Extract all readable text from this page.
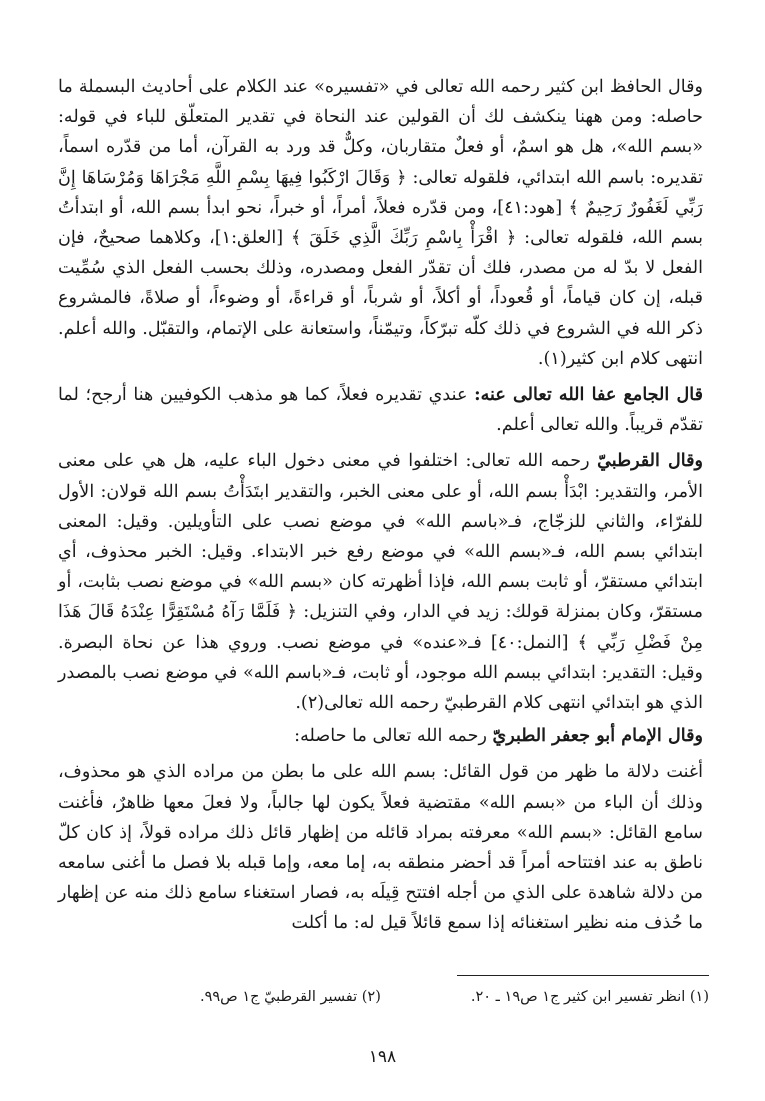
وقال الحافظ ابن كثير رحمه الله تعالى في «تفسيره» عند الكلام على أحاديث البسملة ما حاصله: ومن ههنا ينكشف لك أن القولين عند النحاة في تقدير المتعلّق للباء في قوله: «بسم الله»، هل هو اسمٌ، أو فعلٌ متقاربان، وكلٌّ قد ورد به القرآن، أما من قدّره اسماً، تقديره: باسم الله ابتدائي، فلقوله تعالى: ﴿ وَقَالَ ارْكَبُوا فِيهَا بِسْمِ اللَّهِ مَجْرَاهَا وَمُرْسَاهَا إِنَّ رَبِّي لَغَفُورٌ رَحِيمٌ ﴾ [هود:٤١]، ومن قدّره فعلاً، أمراً، أو خبراً، نحو ابدأ بسم الله، أو ابتدأتُ بسم الله، فلقوله تعالى: ﴿ اقْرَأْ بِاسْمِ رَبِّكَ الَّذِي خَلَقَ ﴾ [العلق:١]، وكلاهما صحيحٌ، فإن الفعل لا بدّ له من مصدر، فلك أن تقدّر الفعل ومصدره، وذلك بحسب الفعل الذي سُمِّيت قبله، إن كان قياماً، أو قُعوداً، أو أكلاً، أو شرباً، أو قراءةً، أو وضوءاً، أو صلاةً، فالمشروع ذكر الله في الشروع في ذلك كلّه تبرّكاً، وتيمّناً، واستعانة على الإتمام، والتقبّل. والله أعلم. انتهى كلام ابن كثير(١).

قال الجامع عفا الله تعالى عنه: عندي تقديره فعلاً، كما هو مذهب الكوفيين هنا أرجح؛ لما تقدّم قريباً. والله تعالى أعلم.

وقال القرطبيّ رحمه الله تعالى: اختلفوا في معنى دخول الباء عليه، هل هي على معنى الأمر، والتقدير: ابْدَأْ بسم الله، أو على معنى الخبر، والتقدير ابتَدَأْتُ بسم الله قولان: الأول للفرّاء، والثاني للزجّاج، فـ«باسم الله» في موضع نصب على التأويلين. وقيل: المعنى ابتدائي بسم الله، فـ«بسم الله» في موضع رفع خبر الابتداء. وقيل: الخبر محذوف، أي ابتدائي مستقرّ، أو ثابت بسم الله، فإذا أظهرته كان «بسم الله» في موضع نصب بثابت، أو مستقرّ، وكان بمنزلة قولك: زيد في الدار، وفي التنزيل: ﴿ فَلَمَّا رَآهُ مُسْتَقِرًّا عِنْدَهُ قَالَ هَذَا مِنْ فَضْلِ رَبِّي ﴾ [النمل:٤٠] فـ«عنده» في موضع نصب. وروي هذا عن نحاة البصرة. وقيل: التقدير: ابتدائي ببسم الله موجود، أو ثابت، فـ«باسم الله» في موضع نصب بالمصدر الذي هو ابتدائي انتهى كلام القرطبيّ رحمه الله تعالى(٢).

وقال الإمام أبو جعفر الطبريّ رحمه الله تعالى ما حاصله:

أغنت دلالة ما ظهر من قول القائل: بسم الله على ما بطن من مراده الذي هو محذوف، وذلك أن الباء من «بسم الله» مقتضية فعلاً يكون لها جالباً، ولا فعلَ معها ظاهرٌ، فأغنت سامع القائل: «بسم الله» معرفته بمراد قائله من إظهار قائل ذلك مراده قولاً، إذ كان كلّ ناطق به عند افتتاحه أمراً قد أحضر منطقه به، إما معه، وإما قبله بلا فصل ما أغنى سامعه من دلالة شاهدة على الذي من أجله افتتح قِيلَه به، فصار استغناء سامع ذلك منه عن إظهار ما حُذف منه نظير استغنائه إذا سمع قائلاً قيل له: ما أكلت

(١) انظر تفسير ابن كثير ج١ ص١٩ ـ ٢٠.
(٢) تفسير القرطبيّ ج١ ص٩٩.
١٩٨
